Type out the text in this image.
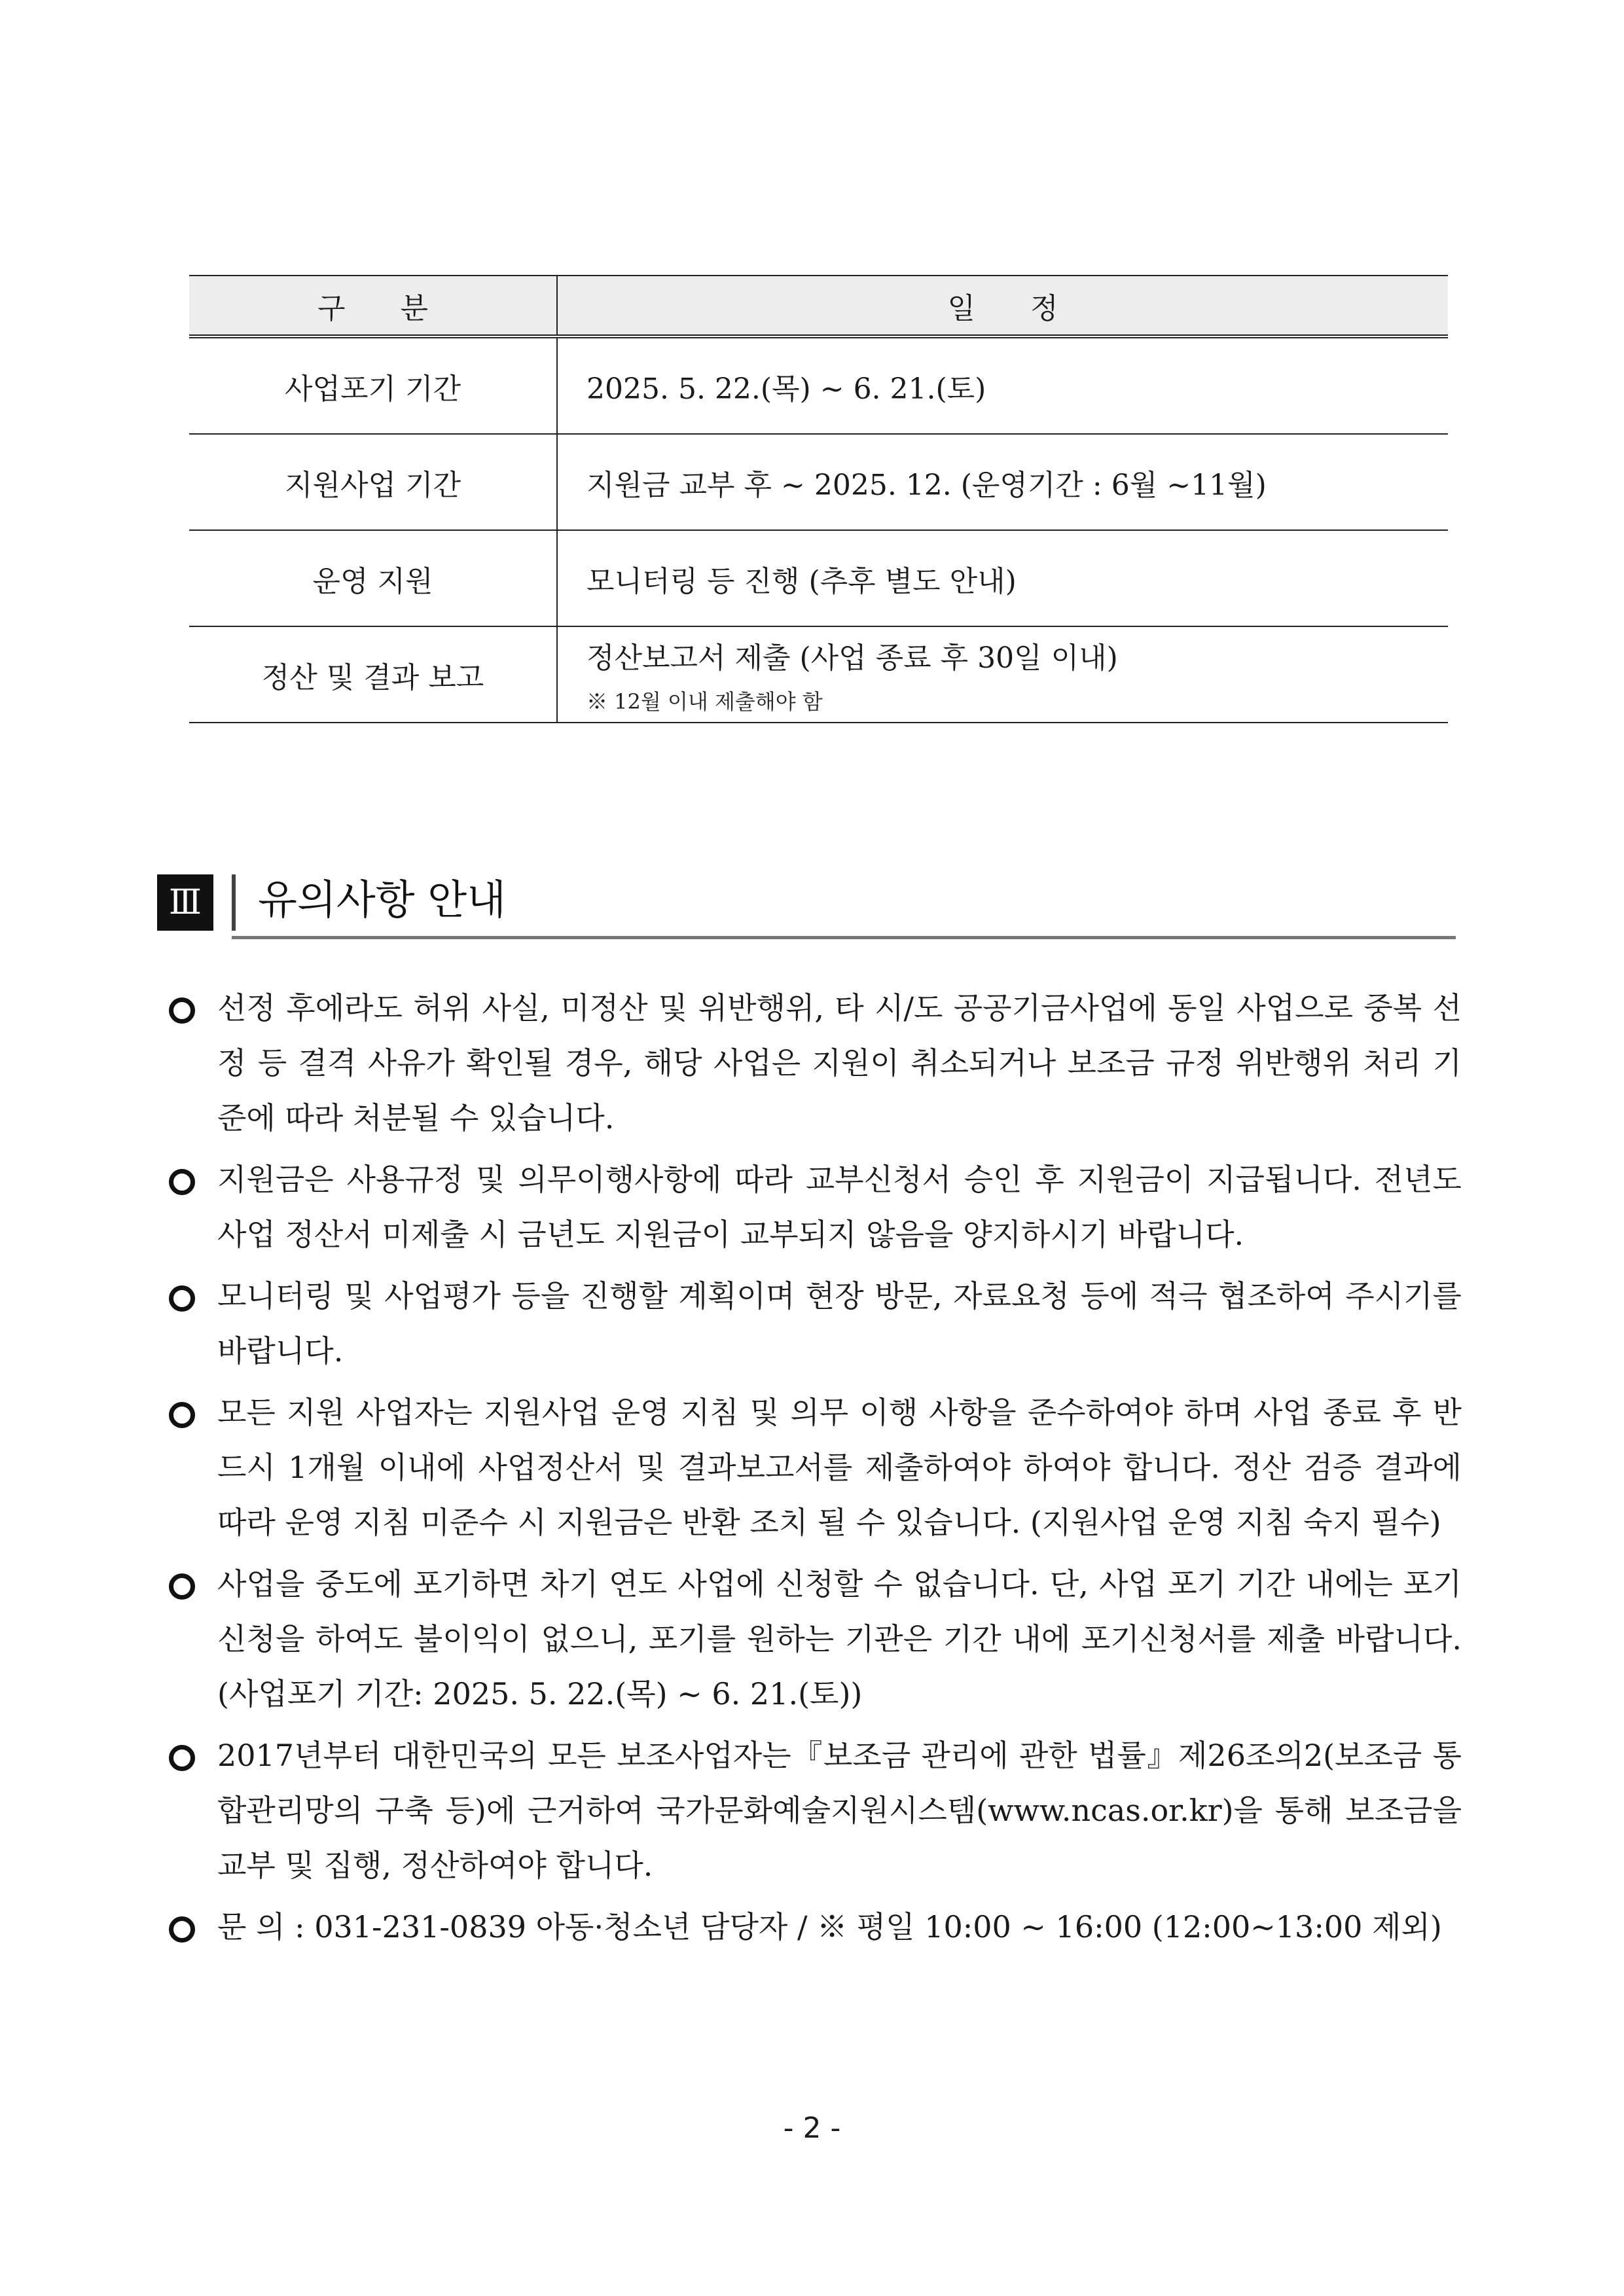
구      분	일      정
사업포기 기간	2025. 5. 22.(목) ~ 6. 21.(토)
지원사업 기간	지원금 교부 후 ~ 2025. 12. (운영기간 : 6월 ~11월)
운영 지원	모니터링 등 진행 (추후 별도 안내)
정산 및 결과 보고	정산보고서 제출 (사업 종료 후 30일 이내)
※ 12월 이내 제출해야 함
Ⅲ 유의사항 안내
선정 후에라도 허위 사실, 미정산 및 위반행위, 타 시/도 공공기금사업에 동일 사업으로 중복 선정 등 결격 사유가 확인될 경우, 해당 사업은 지원이 취소되거나 보조금 규정 위반행위 처리 기준에 따라 처분될 수 있습니다.
지원금은 사용규정 및 의무이행사항에 따라 교부신청서 승인 후 지원금이 지급됩니다. 전년도 사업 정산서 미제출 시 금년도 지원금이 교부되지 않음을 양지하시기 바랍니다.
모니터링 및 사업평가 등을 진행할 계획이며 현장 방문, 자료요청 등에 적극 협조하여 주시기를 바랍니다.
모든 지원 사업자는 지원사업 운영 지침 및 의무 이행 사항을 준수하여야 하며 사업 종료 후 반드시 1개월 이내에 사업정산서 및 결과보고서를 제출하여야 하여야 합니다. 정산 검증 결과에 따라 운영 지침 미준수 시 지원금은 반환 조치 될 수 있습니다. (지원사업 운영 지침 숙지 필수)
사업을 중도에 포기하면 차기 연도 사업에 신청할 수 없습니다. 단, 사업 포기 기간 내에는 포기신청을 하여도 불이익이 없으니, 포기를 원하는 기관은 기간 내에 포기신청서를 제출 바랍니다. (사업포기 기간: 2025. 5. 22.(목) ~ 6. 21.(토))
2017년부터 대한민국의 모든 보조사업자는『보조금 관리에 관한 법률』제26조의2(보조금 통합관리망의 구축 등)에 근거하여 국가문화예술지원시스템(www.ncas.or.kr)을 통해 보조금을 교부 및 집행, 정산하여야 합니다.
문 의 : 031-231-0839 아동·청소년 담당자 / ※ 평일 10:00 ~ 16:00 (12:00~13:00 제외)
- 2 -
